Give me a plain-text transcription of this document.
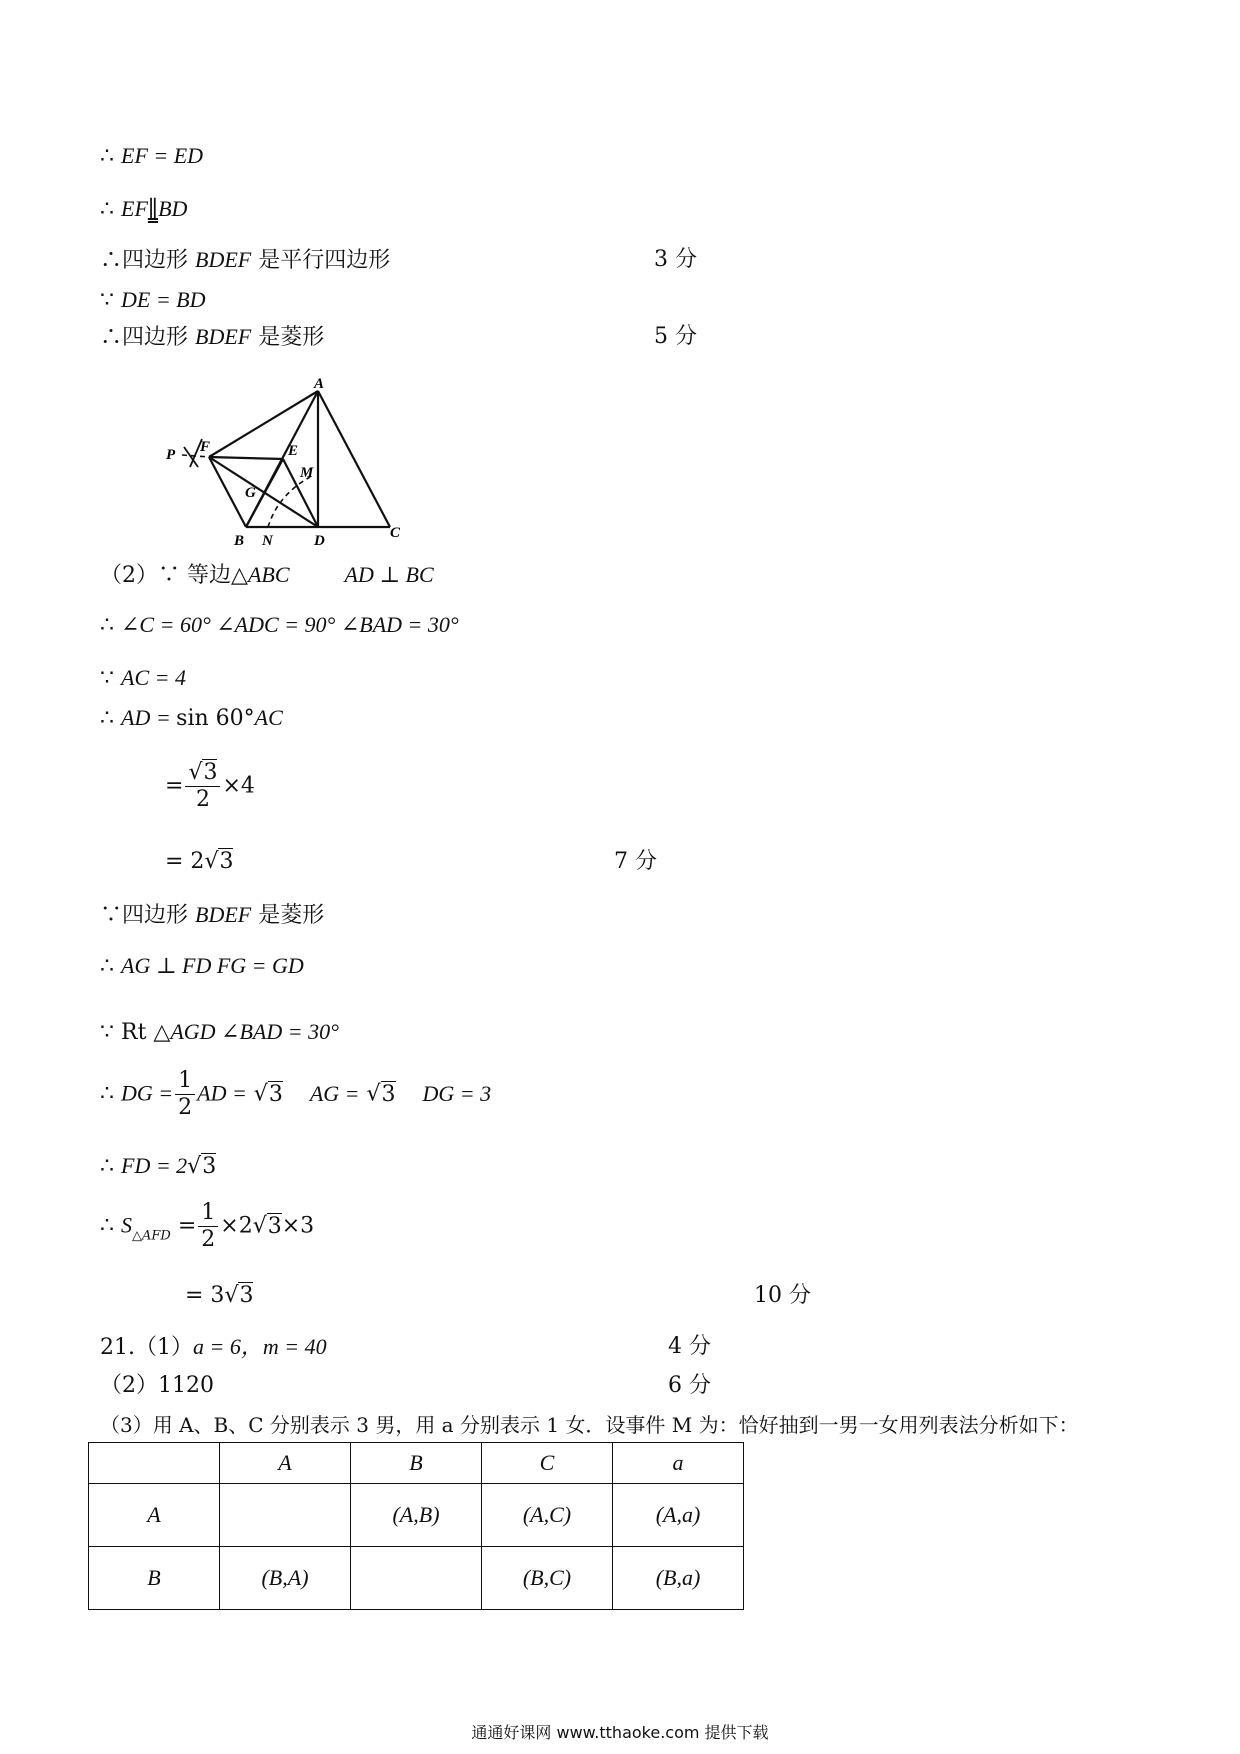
∴ EF = ED
∴ EF∥BD
∴四边形 BDEF 是平行四边形	3 分
∵ DE = BD
∴四边形 BDEF 是菱形	5 分
A
F	E
M
G
B N	D	C
P
（2）∵ 等边△ABC	AD ⊥ BC
∴ ∠C = 60° ∠ADC = 90° ∠BAD = 30°
∵ AC = 4
∴ AD = sin 60°AC
= $\frac{√3}{2} \times 4$
= 2√3	7 分
∵四边形 BDEF 是菱形
∴ AG ⊥ FD FG = GD
∵ Rt △AGD ∠BAD = 30°
∴ DG = $\frac{1}{2}$ AD = √3 AG = √3 DG = 3
∴ FD = 2√3
∴ $S_{\triangle AFD} = \frac{1}{2} \times 2√3\times 3$
= 3√3	10 分
21.（1）a = 6，m = 40	4 分
（2）1120	6 分
（3）用 A、B、C 分别表示 3 男，用 a 分别表示 1 女．设事件 M 为：恰好抽到一男一女用列表法分析如下：
	A	B	C	a
A		(A,B)	(A,C)	(A,a)
B	(B,A)		(B,C)	(B,a)
通通好课网 www.tthaoke.com 提供下载
